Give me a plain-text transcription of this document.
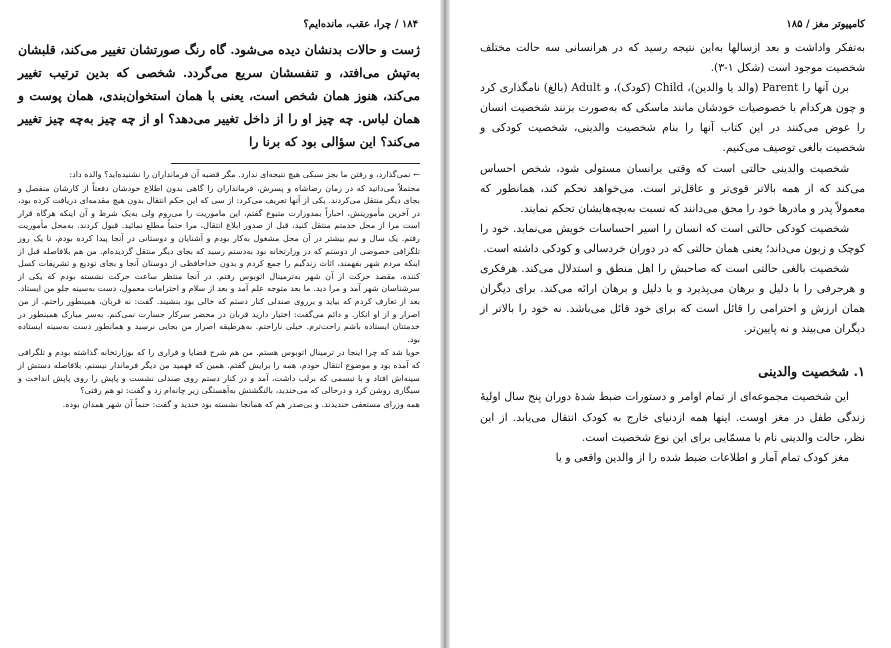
۱۸۴ / چرا، عقب، مانده‌ایم؟

ژست و حالات بدنشان دیده می‌شود. گاه رنگ صورتشان تغییر می‌کند، قلبشان به‌تپش می‌افتد، و تنفسشان سریع می‌گردد. شخصی که بدین ترتیب تغییر می‌کند، هنوز همان شخص است، یعنی با همان استخوان‌بندی، همان پوست و همان لباس. چه چیز او را از داخل تغییر می‌دهد؟ او از چه چیز به‌چه چیز تغییر می‌کند؟ این سؤالی بود که برنا را

← نمی‌گذارد، و رفتن ما بجز سبکی هیچ نتیجه‌ای ندارد. مگر قضیه آن فرمانداران را نشنیده‌اید؟ والده داد:

محتملاً می‌دانید که در زمان رضاشاه و پسرش، فرمانداران را گاهی بدون اطلاع خودشان دفعتاً از کارشان منفصل و بجای دیگر منتقل می‌کردند. یکی از آنها تعریف می‌کرد: از سی که این حکم انتقال بدون هیچ مقدمه‌ای دریافت کرده بود، در آخرین مأموریتش، احباراً بمدوزارت متبوع گفتم، این ماموریت را می‌روم ولی به‌یک شرط و آن اینکه هرگاه قرار است مرا از محل خدمتم منتقل کنید، قبل از صدور ابلاغ انتقال، مرا حتماً مطلع نمائید. قبول کردند. به‌محل مأموریت رفتم. یک سال و نیم بیشتر در آن محل مشغول به‌کار بودم و آشنایان و دوستانی در آنجا پیدا کرده بودم، تا یک روز تلگرافی خصوصی از دوستم که در وزارتخانه بود به‌دستم رسید که بجای دیگر منتقل گردیده‌ام. من هم بلافاصله قبل از اینکه مردم شهر بفهمند، اثاث زندگیم را جمع کردم و بدون خداحافظی از دوستان آنجا و بجای تودیع و تشریفات کسل کننده، مقصد حرکت از آن شهر به‌ترمینال اتوبوس رفتم. در آنجا منتظر ساعت حرکت نشسته بودم که یکی از سرشناسان شهر آمد و مرا دید. ما بعد متوجه علم آمد و بعد از سلام و احترامات معمول، دست به‌سینه جلو من ایستاد. بعد از تعارف کردم که بیاید و برروی صندلی کنار دستم که خالی بود بنشیند. گفت: نه قربان، همینطور راحتم. از من اصرار و از او انکار. و دائم می‌گفت: اختیار دارید قربان در محضر سرکار جسارت نمی‌کنم. به‌سر مبارک همینطور در خدمتتان ایستاده باشم راحت‌ترم. خیلی ناراحتم. به‌هرطیقه اصرار من بجایی نرسید و همانطور دست به‌سینه ایستاده بود.

حویا شد که چرا اینجا در ترمینال اتوبوس هستم. من هم شرح قضایا و فراری را که بوزارتخانه گذاشته بودم و تلگرافی که آمده بود و موضوع انتقال حودم، همه را برایش گفتم. همین که فهمید من دیگر فرماندار نیستم، بلافاصله دستش از سینه‌اش افتاد و با تبسمی که برلب داشت، آمد و در کنار دستم روی صندلی نشست و پاپش را روی پاپش انداخت و سیگاری روشن کرد و درحالی که می‌خندید، بالنگشتش به‌آهستگی زیر چانه‌ام زد و گفت: تو هم رفتی؟

همه وزرای مستعفی خندیدند. و بی‌صدر هم که همانجا نشسته بود خندید و گفت: حتماً آن شهر همدان بوده.

کامپیوتر مغز / ۱۸۵

به‌تفکر واداشت و بعد ازسالها به‌این نتیجه رسید که در هرانسانی سه حالت مختلف شخصیت موجود است (شکل ۱-۳).

برن آنها را Parent (والد یا والدین)، Child (کودک)، و Adult (بالغ) نامگذاری کرد و چون هرکدام با خصوصیات خودشان مانند ماسکی که به‌صورت بزنند شخصیت انسان را عوض می‌کنند در این کتاب آنها را بنام شخصیت والدینی، شخصیت کودکی و شخصیت بالغی توصیف می‌کنیم.

شخصیت والدینی حالتی است که وقتی برانسان مستولی شود، شخص احساس می‌کند که از همه بالاتر قوی‌تر و عاقل‌تر است. می‌خواهد تحکم کند، همانطور که معمولاً پدر و مادرها خود را محق می‌دانند که نسبت به‌بچه‌هایشان تحکم نمایند.

شخصیت کودکی حالتی است که انسان را اسیر احساسات خویش می‌نماید. خود را کوچک و زبون می‌داند؛ یعنی همان حالتی که در دوران خردسالی و کودکی داشته است.

شخصیت بالغی حالتی است که صاحبش را اهل منطق و استدلال می‌کند. هرفکری و هرحرفی را با دلیل و برهان می‌پذیرد و با دلیل و برهان ارائه می‌کند. برای دیگران همان ارزش و احترامی را قائل است که برای خود قائل می‌باشد. نه خود را بالاتر از دیگران می‌بیند و نه پایین‌تر.

۱. شخصیت والدینی

این شخصیت مجموعه‌ای از تمام اوامر و دستورات ضبط شدهٔ دوران پنج سال اولیهٔ زندگی طفل در مغز اوست. اینها همه ازدنیای خارج به کودک انتقال می‌یابد. از این نظر، حالت والدینی نام با مسمّایی برای این نوع شخصیت است.

مغز کودک تمام آمار و اطلاعات ضبط شده را از والدین واقعی و یا
